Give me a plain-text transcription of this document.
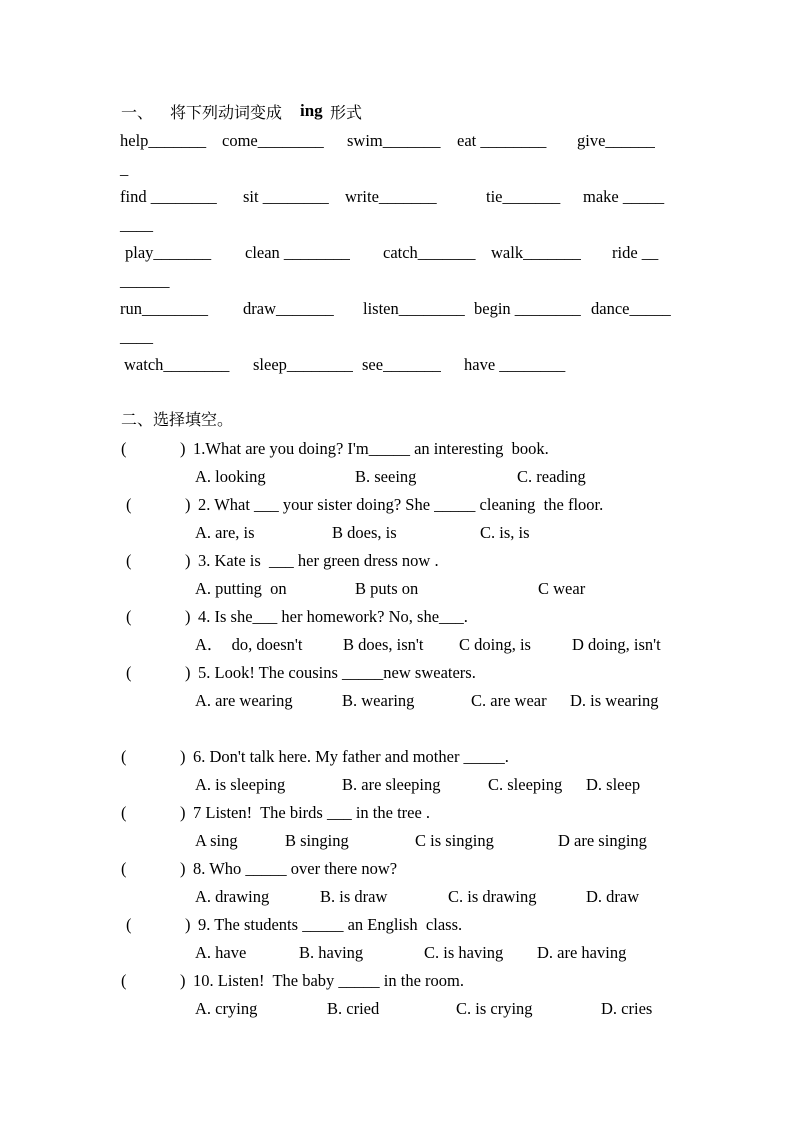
一、 将下列动词变成 ing 形式
help_______ come________ swim_______ eat ________ give______
_
find ________ sit ________ write_______	tie_______ make _____
____
play_______ clean ________ catch_______ walk_______ ride __
______
run________ draw_______ listen________ begin ________ dance_____
____
watch________ sleep________ see_______ have ________
二、选择填空。
(	) 1.What are you doing? I'm_____ an interesting  book.
A. looking	B. seeing	C. reading
(	) 2. What ___ your sister doing? She _____ cleaning  the floor.
A. are, is	B does, is	C. is, is
(	) 3. Kate is  ___ her green dress now .
A. putting  on	B puts on	C wear
(	) 4. Is she___ her homework? No, she___.
A．  do, doesn't B does, isn't C doing, is D doing, isn't
(	) 5. Look! The cousins _____new sweaters.
A. are wearing	B. wearing	C. are wear D. is wearing
(	) 6. Don't talk here. My father and mother _____.
A. is sleeping	B. are sleeping	C. sleeping D. sleep
(	) 7 Listen!  The birds ___ in the tree .
A sing	B singing	C is singing	D are singing
(	) 8. Who _____ over there now?
A. drawing	B. is draw	C. is drawing	D. draw
(	) 9. The students _____ an English  class.
A. have	B. having	C. is having D. are having
(	) 10. Listen!  The baby _____ in the room.
A. crying	B. cried	C. is crying	D. cries
